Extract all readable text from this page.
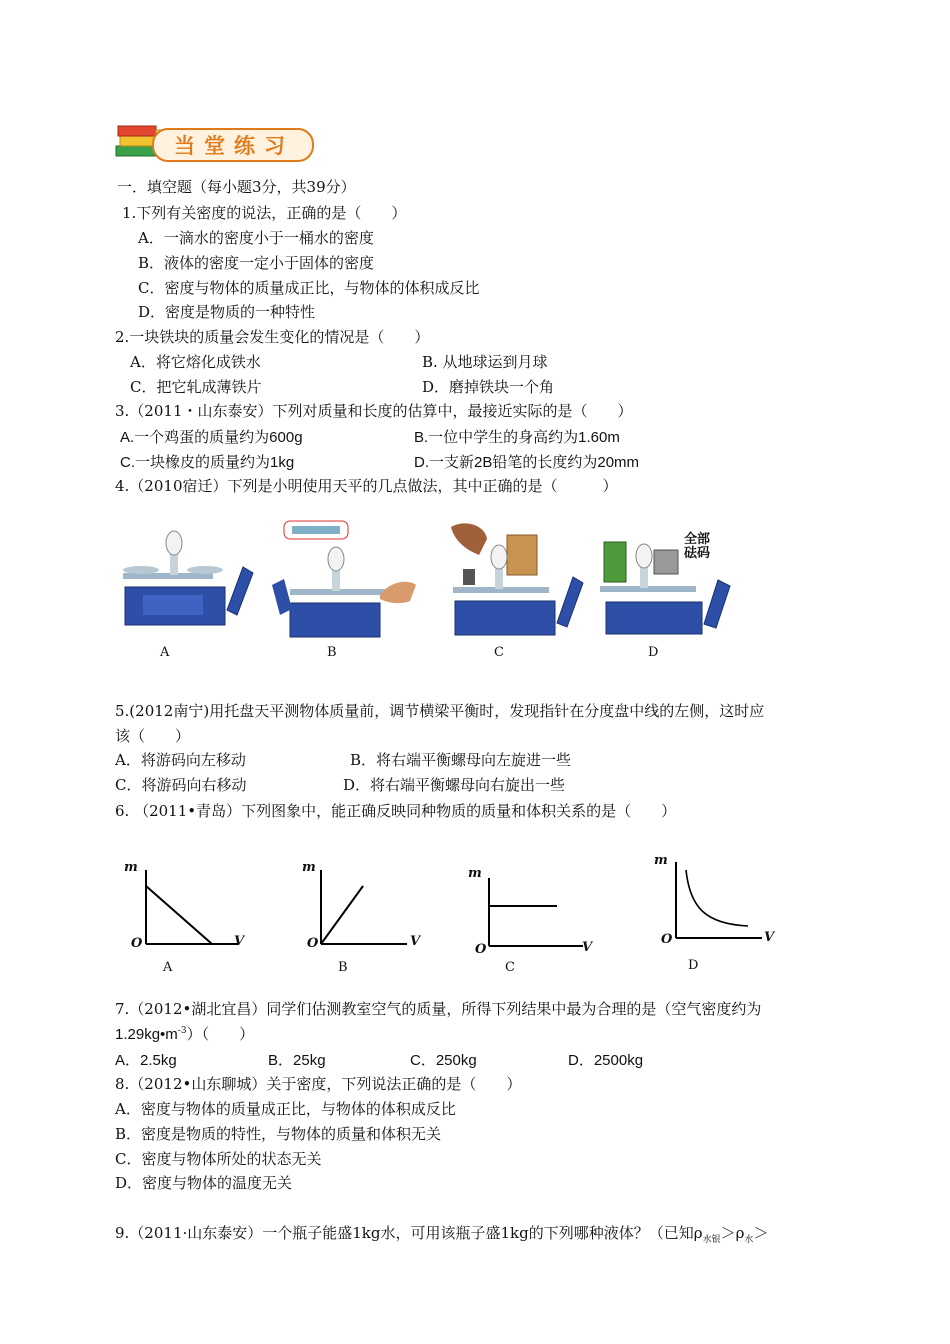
当堂练习
一．填空题（每小题3分，共39分）
1.下列有关密度的说法，正确的是（　　）
A．一滴水的密度小于一桶水的密度
B．液体的密度一定小于固体的密度
C．密度与物体的质量成正比，与物体的体积成反比
D．密度是物质的一种特性
2.一块铁块的质量会发生变化的情况是（　　）
A．将它熔化成铁水	B. 从地球运到月球
C．把它轧成薄铁片	D．磨掉铁块一个角
3.（2011・山东泰安）下列对质量和长度的估算中，最接近实际的是（　　）
A.一个鸡蛋的质量约为600g	B.一位中学生的身高约为1.60m
C.一块橡皮的质量约为1kg	D.一支新2B铅笔的长度约为20mm
4.（2010宿迁）下列是小明使用天平的几点做法，其中正确的是（　　　）
全部砝码
A	B	C	D
5.(2012南宁)用托盘天平测物体质量前，调节横梁平衡时，发现指针在分度盘中线的左侧，这时应
该（　　）
A．将游码向左移动	B．将右端平衡螺母向左旋进一些
C．将游码向右移动	D．将右端平衡螺母向右旋出一些
6. （2011•青岛）下列图象中，能正确反映同种物质的质量和体积关系的是（　　）
m
V
O
A
m
V
O
B
m
V
O
C
m
V
O
D
7.（2012•湖北宜昌）同学们估测教室空气的质量，所得下列结果中最为合理的是（空气密度约为
$1.29kg•m^{-3}$）（　　）
A．2.5kg	B．25kg	C．250kg	D．2500kg
8.（2012•山东聊城）关于密度，下列说法正确的是（　　）
A．密度与物体的质量成正比，与物体的体积成反比
B．密度是物质的特性，与物体的质量和体积无关
C．密度与物体所处的状态无关
D．密度与物体的温度无关
9.（2011·山东泰安）一个瓶子能盛1kg水，可用该瓶子盛1kg的下列哪种液体？（已知$\rho_{水银}>\rho_水>$
